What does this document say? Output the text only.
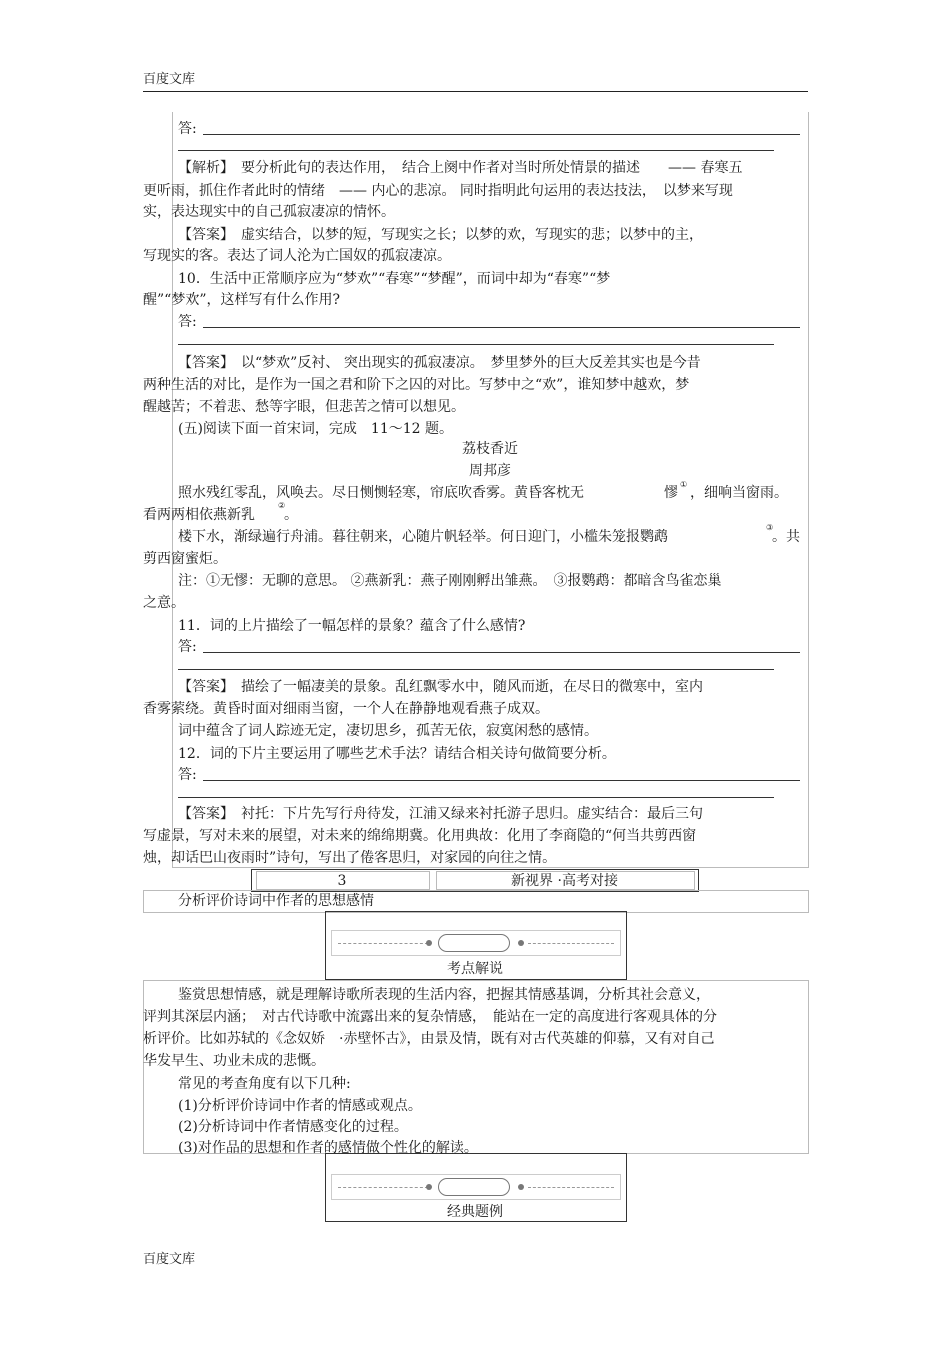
百度文库
答:
【解析】　要分析此句的表达作用，　结合上阕中作者对当时所处情景的描述　　—— 春寒五
更听雨，抓住作者此时的情绪　—— 内心的悲凉。 同时指明此句运用的表达技法，　以梦来写现
实，表达现实中的自己孤寂凄凉的情怀。
【答案】　虚实结合，以梦的短，写现实之长；以梦的欢，写现实的悲；以梦中的主，
写现实的客。表达了词人沦为亡国奴的孤寂凄凉。
10．生活中正常顺序应为“梦欢”“春寒”“梦醒”，而词中却为“春寒”“梦
醒”“梦欢”，这样写有什么作用?
答:
【答案】　以“梦欢”反衬、 突出现实的孤寂凄凉。　梦里梦外的巨大反差其实也是今昔
两种生活的对比，是作为一国之君和阶下之囚的对比。写梦中之“欢”，谁知梦中越欢，梦
醒越苦；不着悲、愁等字眼，但悲苦之情可以想见。
(五)阅读下面一首宋词，完成　11～12 题。
荔枝香近
周邦彦
照水残红零乱，风唤去。尽日恻恻轻寒，帘底吹香雾。黄昏客枕无	憀
①
，细响当窗雨。
看两两相依燕新乳
②
。
楼下水，渐绿遍行舟浦。暮往朝来，心随片帆轻举。何日迎门，小槛朱笼报鹦鹉
③
。共
剪西窗蜜炬。
注：①无憀：无聊的意思。 ②燕新乳：燕子刚刚孵出雏燕。　③报鹦鹉：都暗含鸟雀恋巢
之意。
11．词的上片描绘了一幅怎样的景象？蕴含了什么感情?
答:
【答案】　描绘了一幅凄美的景象。乱红飘零水中，随风而逝，在尽日的微寒中，室内
香雾萦绕。黄昏时面对细雨当窗，一个人在静静地观看燕子成双。
词中蕴含了词人踪迹无定，凄切思乡，孤苦无依，寂寞闲愁的感情。
12．词的下片主要运用了哪些艺术手法？请结合相关诗句做简要分析。
答:
【答案】　衬托：下片先写行舟待发，江浦又绿来衬托游子思归。虚实结合：最后三句
写虚景，写对未来的展望，对未来的绵绵期冀。化用典故：化用了李商隐的“何当共剪西窗
烛，却话巴山夜雨时”诗句，写出了倦客思归，对家园的向往之情。
3	新视界 ·高考对接
分析评价诗词中作者的思想感情
考点解说
鉴赏思想情感，就是理解诗歌所表现的生活内容，把握其情感基调，分析其社会意义，
评判其深层内涵；　对古代诗歌中流露出来的复杂情感，　能站在一定的高度进行客观具体的分
析评价。比如苏轼的《念奴娇　·赤壁怀古》，由景及情，既有对古代英雄的仰慕，又有对自己
华发早生、功业未成的悲慨。
常见的考查角度有以下几种:
(1)分析评价诗词中作者的情感或观点。
(2)分析诗词中作者情感变化的过程。
(3)对作品的思想和作者的感情做个性化的解读。
经典题例
百度文库
